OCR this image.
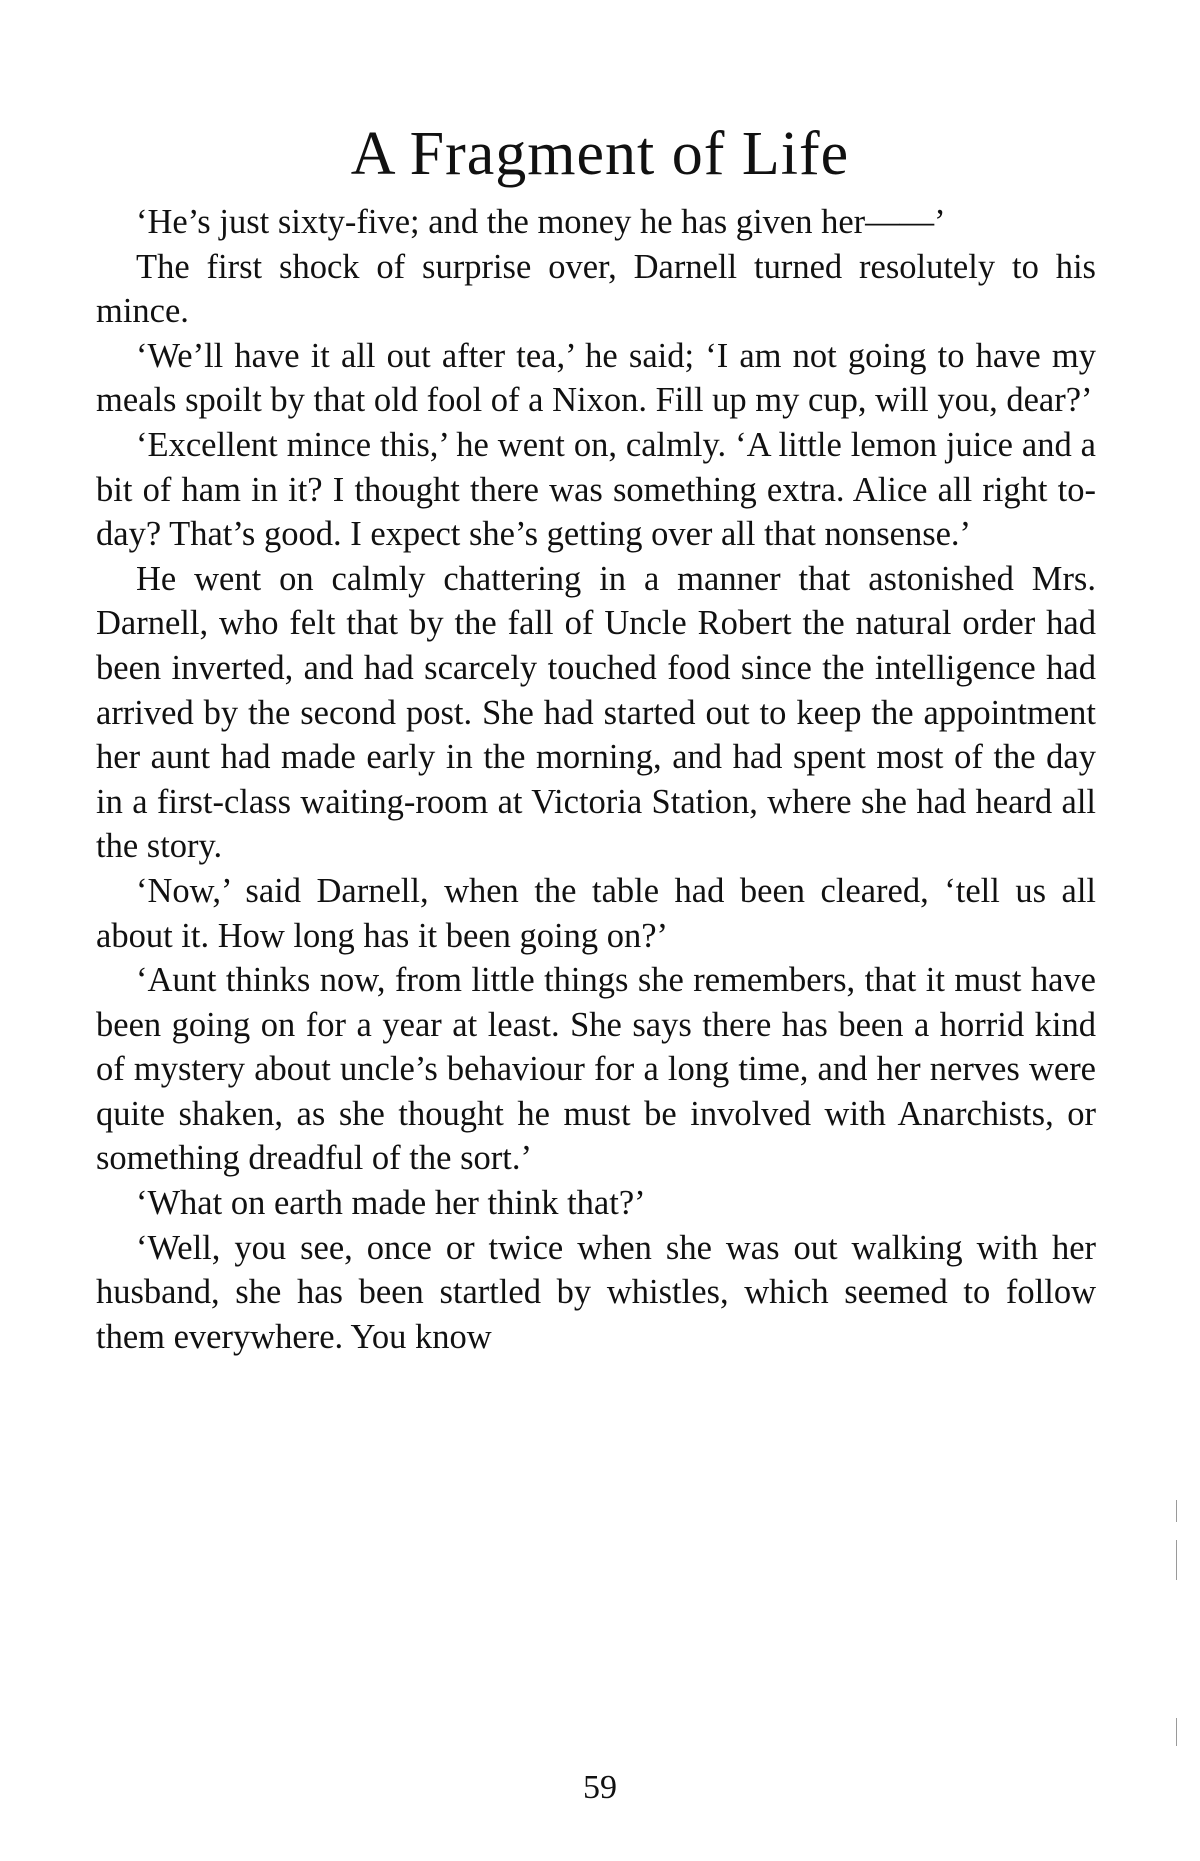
A Fragment of Life

‘He’s just sixty-five; and the money he has given her——’

The first shock of surprise over, Darnell turned resolutely to his mince.

‘We’ll have it all out after tea,’ he said; ‘I am not going to have my meals spoilt by that old fool of a Nixon. Fill up my cup, will you, dear?’

‘Excellent mince this,’ he went on, calmly. ‘A little lemon juice and a bit of ham in it? I thought there was something extra. Alice all right to-day? That’s good. I expect she’s getting over all that nonsense.’

He went on calmly chattering in a manner that astonished Mrs. Darnell, who felt that by the fall of Uncle Robert the natural order had been inverted, and had scarcely touched food since the intelligence had arrived by the second post. She had started out to keep the appointment her aunt had made early in the morning, and had spent most of the day in a first-class waiting-room at Victoria Station, where she had heard all the story.

‘Now,’ said Darnell, when the table had been cleared, ‘tell us all about it. How long has it been going on?’

‘Aunt thinks now, from little things she remembers, that it must have been going on for a year at least. She says there has been a horrid kind of mystery about uncle’s behaviour for a long time, and her nerves were quite shaken, as she thought he must be involved with Anarchists, or something dreadful of the sort.’

‘What on earth made her think that?’

‘Well, you see, once or twice when she was out walking with her husband, she has been startled by whistles, which seemed to follow them everywhere. You know

59
